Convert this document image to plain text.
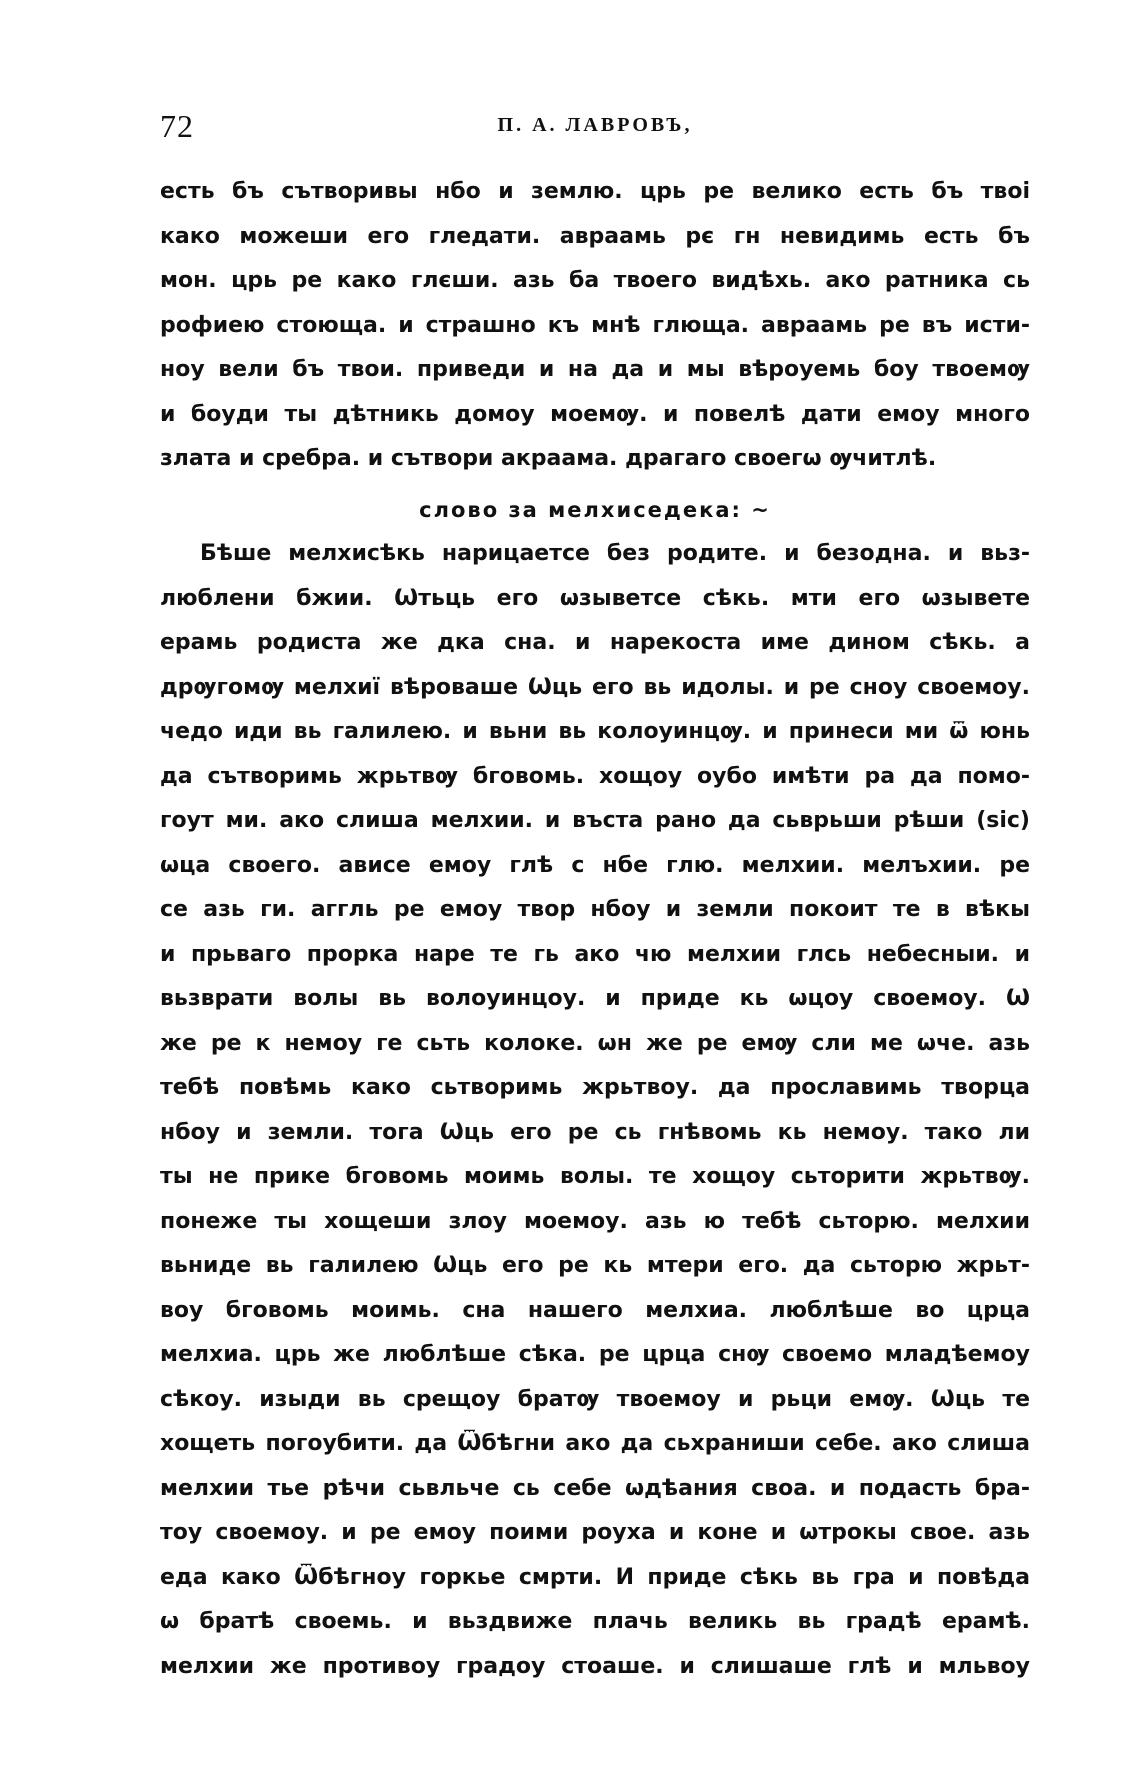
72	П. А. ЛАВРОВЪ,
есть бъ сътворивы нбо и землю. црь ре велико есть бъ твоі
како можеши его гледати. авраамь рє гн невидимь есть бъ
мон. црь ре како глєши. азь ба твоего видѣхь. ако ратника сь
рофиею стоюща. и страшно къ мнѣ глюща. авраамь ре въ исти-
ноу вели бъ твои. приведи и на да и мы вѣроуемь боу твоемѹ
и боуди ты дѣтникь домоу моемѹ. и повелѣ дати емоу много
злата и сребра. и сътвори акраама. драгаго своегѡ ѹчитлѣ.
слово за мелхиседека: ~
Бѣше мелхисѣкь нарицаетсе без родите. и безодна. и вьз-
люблени бжии. Ѡтьць его ѡзыветсе сѣкь. мти его ѡзывете
ерамь родиста же дка сна. и нарекоста име дином сѣкь. а
дрѹгомѹ мелхиї вѣроваше Ѡць его вь идолы. и ре сноу своемоу.
чедо иди вь галилею. и вьни вь колоуинцѹ. и принеси ми ѿ юнь
да сътворимь жрьтвѹ бговомь. хощоу оубо имѣти ра да помо-
гоут ми. ако слиша мелхии. и въста рано да сьврьши рѣши (sic)
ѡца своего. ависе емоу глѣ с нбе глю. мелхии. мелъхии. ре
се азь ги. аггль ре емоу твор нбоу и земли покоит те в вѣкы
и прьваго прорка наре те гь ако чю мелхии глсь небесныи. и
вьзврати волы вь волоуинцоу. и приде кь ѡцоу своемоу. Ѡ
же ре к немоу ге сьть колоке. ѡн же ре емѹ сли ме ѡче. азь
тебѣ повѣмь како сьтворимь жрьтвоу. да прославимь творца
нбоу и земли. тога Ѡць его ре сь гнѣвомь кь немоу. тако ли
ты не прике бговомь моимь волы. те хощоу сьторити жрьтвѹ.
понеже ты хощеши злоу моемоу. азь ю тебѣ сьторю. мелхии
вьниде вь галилею Ѡць его ре кь мтери его. да сьторю жрьт-
воу бговомь моимь. сна нашего мелхиа. люблѣше во црца
мелхиа. црь же люблѣше сѣка. ре црца снѹ своемо младѣемоу
сѣкоу. изыди вь срещоу братѹ твоемоу и рьци емѹ. Ѡць те
хощеть погоубити. да Ѿбѣгни ако да сьхраниши себе. ако слиша
мелхии тье рѣчи сьвльче сь себе ѡдѣания своа. и подасть бра-
тоу своемоу. и ре емоу поими роуха и коне и ѡтрокы свое. азь
еда како Ѿбѣгноу горкье смрти. И приде сѣкь вь гра и повѣда
ѡ братѣ своемь. и вьздвиже плачь великь вь градѣ ерамѣ.
мелхии же противоу градоу стоаше. и слишаше глѣ и мльвоу
